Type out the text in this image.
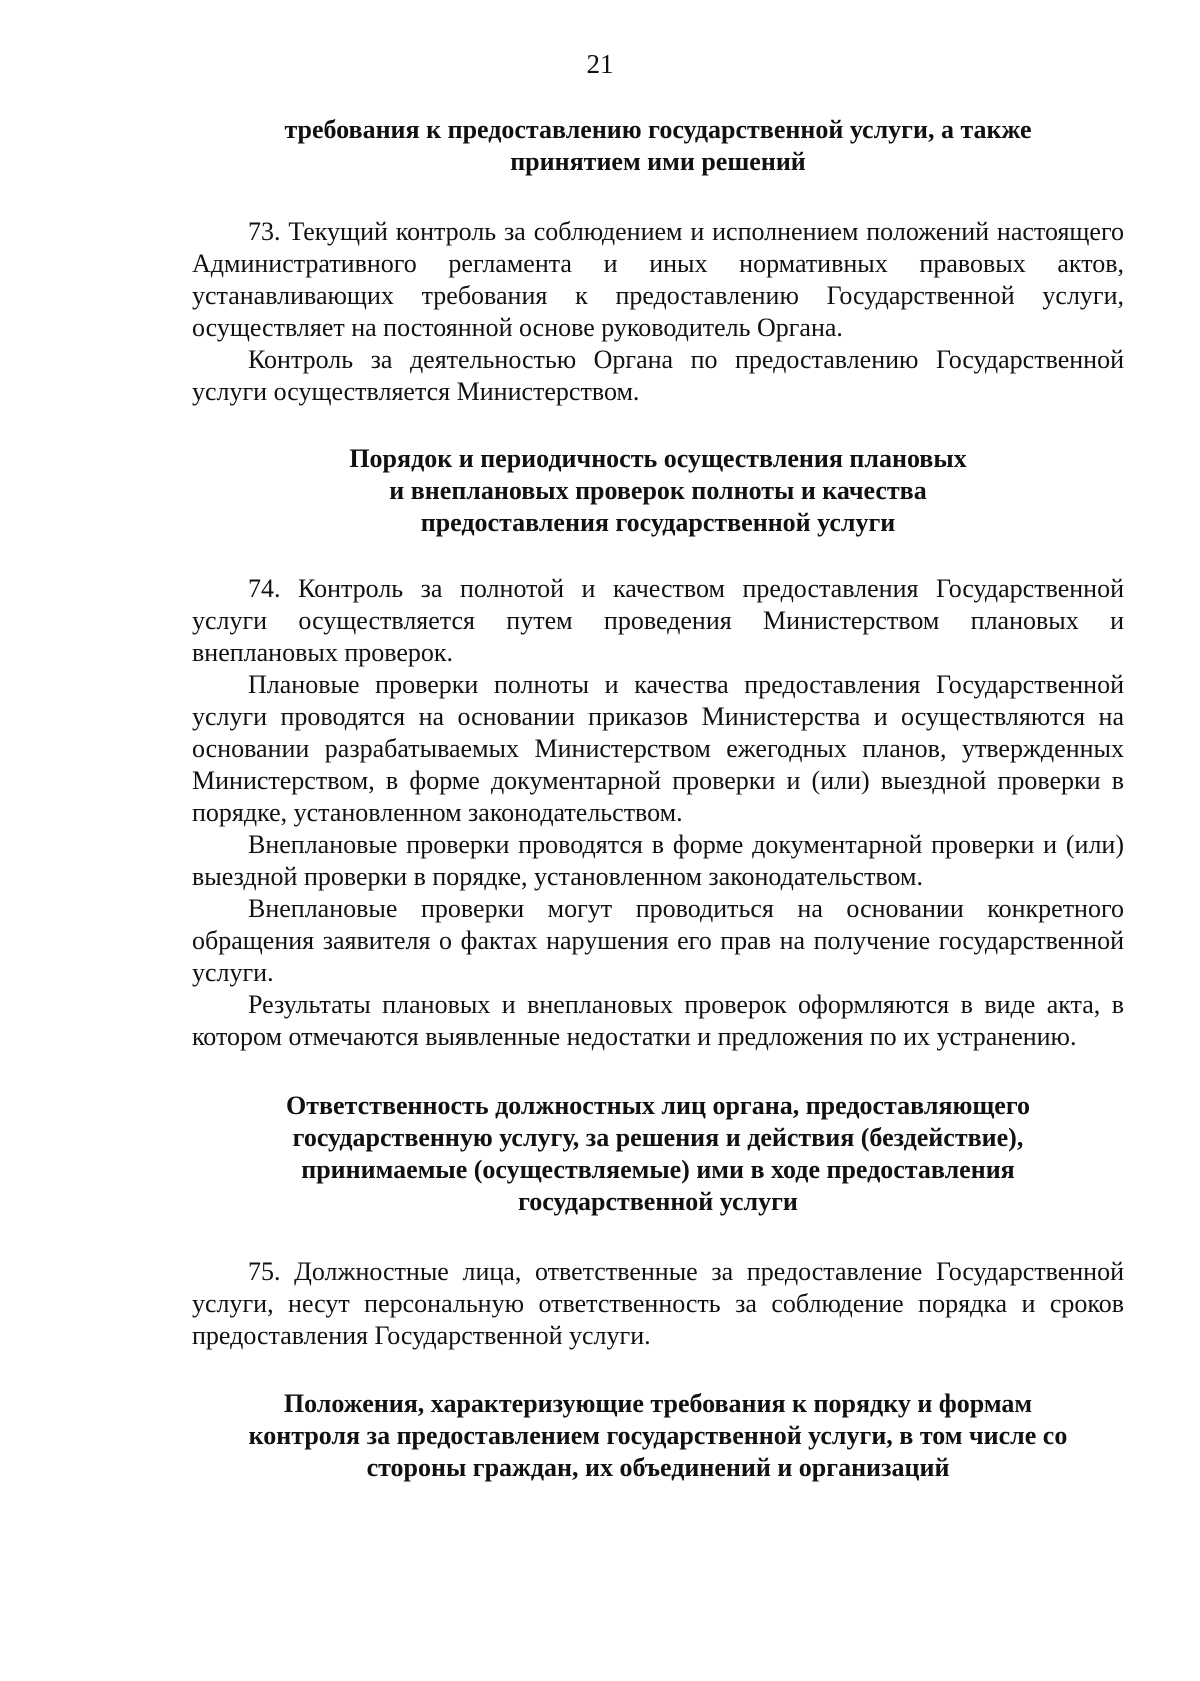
21
требования к предоставлению государственной услуги, а также
принятием ими решений

73. Текущий контроль за соблюдением и исполнением положений настоящего Административного регламента и иных нормативных правовых актов, устанавливающих требования к предоставлению Государственной услуги, осуществляет на постоянной основе руководитель Органа.

Контроль за деятельностью Органа по предоставлению Государственной услуги осуществляется Министерством.

Порядок и периодичность осуществления плановых
и внеплановых проверок полноты и качества
предоставления государственной услуги

74. Контроль за полнотой и качеством предоставления Государственной услуги осуществляется путем проведения Министерством плановых и внеплановых проверок.

Плановые проверки полноты и качества предоставления Государственной услуги проводятся на основании приказов Министерства и осуществляются на основании разрабатываемых Министерством ежегодных планов, утвержденных Министерством, в форме документарной проверки и (или) выездной проверки в порядке, установленном законодательством.

Внеплановые проверки проводятся в форме документарной проверки и (или) выездной проверки в порядке, установленном законодательством.

Внеплановые проверки могут проводиться на основании конкретного обращения заявителя о фактах нарушения его прав на получение государственной услуги.

Результаты плановых и внеплановых проверок оформляются в виде акта, в котором отмечаются выявленные недостатки и предложения по их устранению.

Ответственность должностных лиц органа, предоставляющего
государственную услугу, за решения и действия (бездействие),
принимаемые (осуществляемые) ими в ходе предоставления
государственной услуги

75. Должностные лица, ответственные за предоставление Государственной услуги, несут персональную ответственность за соблюдение порядка и сроков предоставления Государственной услуги.

Положения, характеризующие требования к порядку и формам
контроля за предоставлением государственной услуги, в том числе со
стороны граждан, их объединений и организаций
